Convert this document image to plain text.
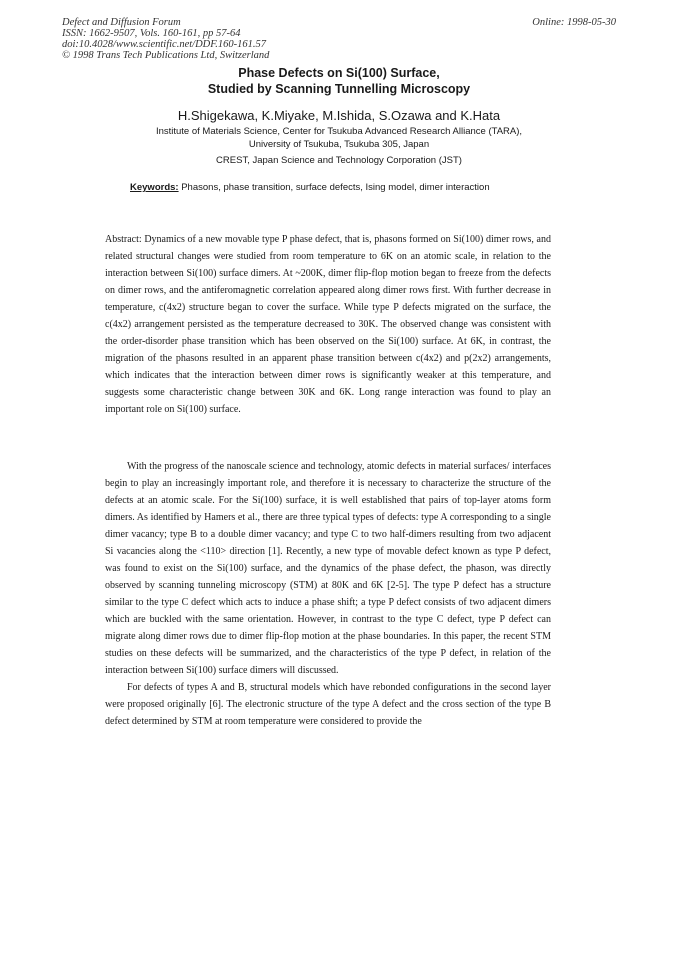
Defect and Diffusion Forum
ISSN: 1662-9507, Vols. 160-161, pp 57-64
doi:10.4028/www.scientific.net/DDF.160-161.57
© 1998 Trans Tech Publications Ltd, Switzerland
Online: 1998-05-30
Phase Defects on Si(100) Surface,
Studied by Scanning Tunnelling Microscopy
H.Shigekawa, K.Miyake, M.Ishida, S.Ozawa and K.Hata
Institute of Materials Science, Center for Tsukuba Advanced Research Alliance (TARA),
University of Tsukuba, Tsukuba 305, Japan
CREST, Japan Science and Technology Corporation (JST)
Keywords: Phasons, phase transition, surface defects, Ising model, dimer interaction

Abstract: Dynamics of a new movable type P phase defect, that is, phasons formed on Si(100) dimer rows, and related structural changes were studied from room temperature to 6K on an atomic scale, in relation to the interaction between Si(100) surface dimers. At ~200K, dimer flip-flop motion began to freeze from the defects on dimer rows, and the antiferomagnetic correlation appeared along dimer rows first. With further decrease in temperature, c(4x2) structure began to cover the surface. While type P defects migrated on the surface, the c(4x2) arrangement persisted as the temperature decreased to 30K. The observed change was consistent with the order-disorder phase transition which has been observed on the Si(100) surface. At 6K, in contrast, the migration of the phasons resulted in an apparent phase transition between c(4x2) and p(2x2) arrangements, which indicates that the interaction between dimer rows is significantly weaker at this temperature, and suggests some characteristic change between 30K and 6K. Long range interaction was found to play an important role on Si(100) surface.

With the progress of the nanoscale science and technology, atomic defects in material surfaces/ interfaces begin to play an increasingly important role, and therefore it is necessary to characterize the structure of the defects at an atomic scale. For the Si(100) surface, it is well established that pairs of top-layer atoms form dimers. As identified by Hamers et al., there are three typical types of defects: type A corresponding to a single dimer vacancy; type B to a double dimer vacancy; and type C to two half-dimers resulting from two adjacent Si vacancies along the <110> direction [1]. Recently, a new type of movable defect known as type P defect, was found to exist on the Si(100) surface, and the dynamics of the phase defect, the phason, was directly observed by scanning tunneling microscopy (STM) at 80K and 6K [2-5]. The type P defect has a structure similar to the type C defect which acts to induce a phase shift; a type P defect consists of two adjacent dimers which are buckled with the same orientation. However, in contrast to the type C defect, type P defect can migrate along dimer rows due to dimer flip-flop motion at the phase boundaries. In this paper, the recent STM studies on these defects will be summarized, and the characteristics of the type P defect, in relation of the interaction between Si(100) surface dimers will discussed.

For defects of types A and B, structural models which have rebonded configurations in the second layer were proposed originally [6]. The electronic structure of the type A defect and the cross section of the type B defect determined by STM at room temperature were considered to provide the
